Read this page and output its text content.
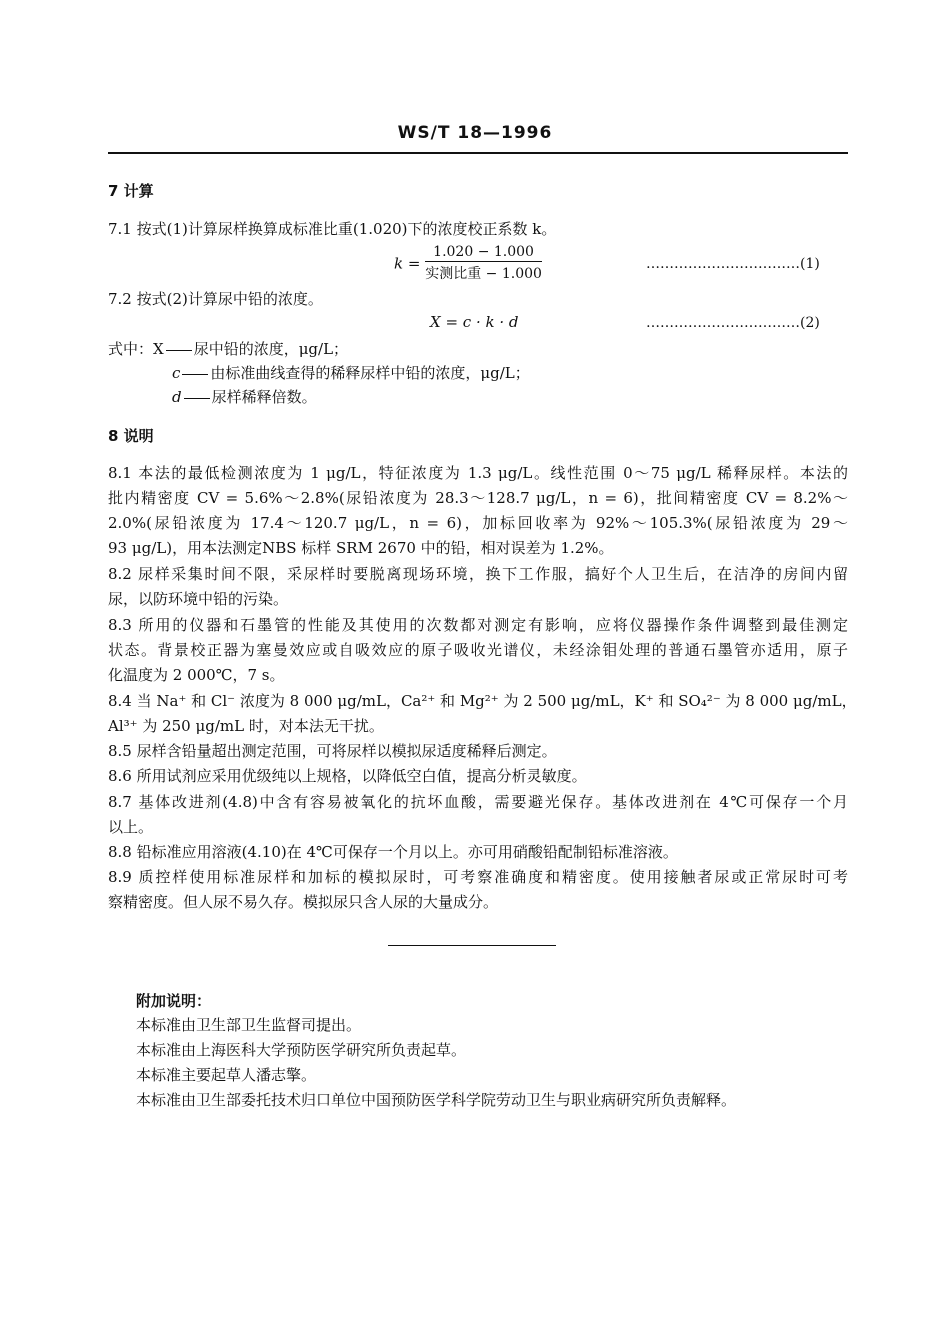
WS/T 18—1996
7 计算
7.1 按式(1)计算尿样换算成标准比重(1.020)下的浓度校正系数 k。
$k = \frac{1.020 - 1.000}{\text{实测比重 − 1.000}}$	……………………………(1)
7.2 按式(2)计算尿中铅的浓度。
X = c · k · d	……………………………(2)
式中：X 尿中铅的浓度，μg/L；
c 由标准曲线查得的稀释尿样中铅的浓度，μg/L；
d 尿样稀释倍数。
8 说明
8.1 本法的最低检测浓度为 1 μg/L，特征浓度为 1.3 μg/L。线性范围 0～75 μg/L 稀释尿样。本法的
批内精密度 CV = 5.6%～2.8%(尿铅浓度为 28.3～128.7 μg/L，n = 6)，批间精密度 CV = 8.2%～
2.0%(尿铅浓度为 17.4～120.7 μg/L，n = 6)，加标回收率为 92%～105.3%(尿铅浓度为 29～
93 μg/L)，用本法测定NBS 标样 SRM 2670 中的铅，相对误差为 1.2%。
8.2 尿样采集时间不限，采尿样时要脱离现场环境，换下工作服，搞好个人卫生后，在洁净的房间内留
尿，以防环境中铅的污染。
8.3 所用的仪器和石墨管的性能及其使用的次数都对测定有影响，应将仪器操作条件调整到最佳测定
状态。背景校正器为塞曼效应或自吸效应的原子吸收光谱仪，未经涂钼处理的普通石墨管亦适用，原子
化温度为 2 000℃，7 s。
8.4 当 Na⁺ 和 Cl⁻ 浓度为 8 000 μg/mL，Ca²⁺ 和 Mg²⁺ 为 2 500 μg/mL，K⁺ 和 SO₄²⁻ 为 8 000 μg/mL，
Al³⁺ 为 250 μg/mL 时，对本法无干扰。
8.5 尿样含铅量超出测定范围，可将尿样以模拟尿适度稀释后测定。
8.6 所用试剂应采用优级纯以上规格，以降低空白值，提高分析灵敏度。
8.7 基体改进剂(4.8)中含有容易被氧化的抗坏血酸，需要避光保存。基体改进剂在 4℃可保存一个月
以上。
8.8 铅标准应用溶液(4.10)在 4℃可保存一个月以上。亦可用硝酸铅配制铅标准溶液。
8.9 质控样使用标准尿样和加标的模拟尿时，可考察准确度和精密度。使用接触者尿或正常尿时可考
察精密度。但人尿不易久存。模拟尿只含人尿的大量成分。
附加说明：
本标准由卫生部卫生监督司提出。
本标准由上海医科大学预防医学研究所负责起草。
本标准主要起草人潘志擎。
本标准由卫生部委托技术归口单位中国预防医学科学院劳动卫生与职业病研究所负责解释。
